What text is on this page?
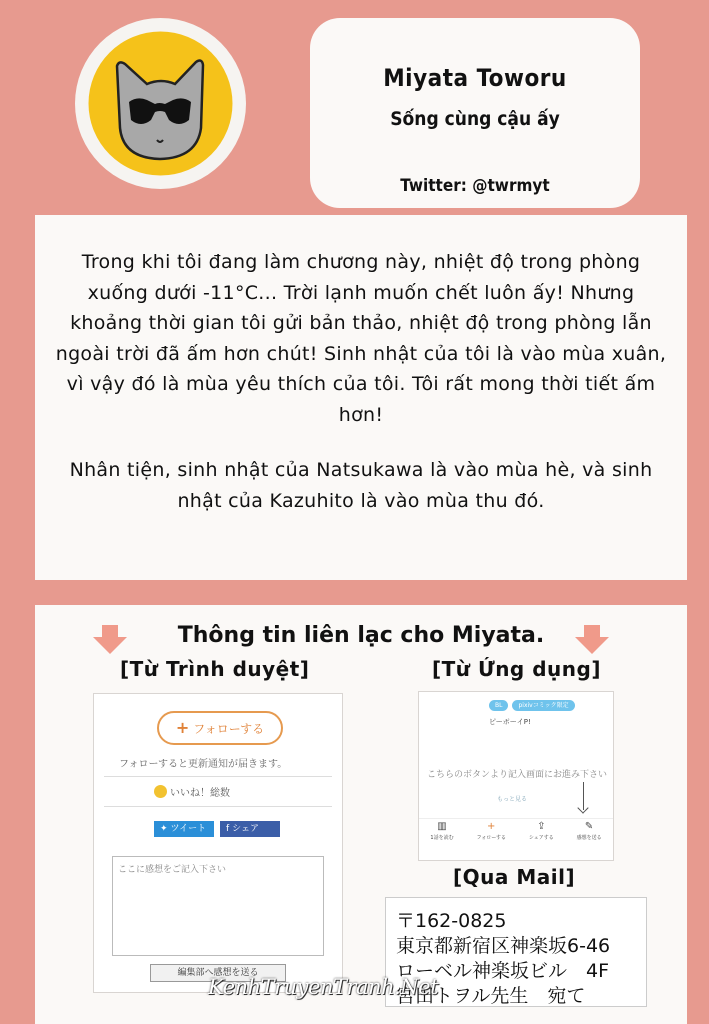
Miyata Toworu
Sống cùng cậu ấy
Twitter: @twrmyt
Trong khi tôi đang làm chương này, nhiệt độ trong phòng xuống dưới -11°C... Trời lạnh muốn chết luôn ấy! Nhưng khoảng thời gian tôi gửi bản thảo, nhiệt độ trong phòng lẫn ngoài trời đã ấm hơn chút! Sinh nhật của tôi là vào mùa xuân, vì vậy đó là mùa yêu thích của tôi. Tôi rất mong thời tiết ấm hơn!
Nhân tiện, sinh nhật của Natsukawa là vào mùa hè, và sinh nhật của Kazuhito là vào mùa thu đó.
Thông tin liên lạc cho Miyata.
[Từ Trình duyệt]	[Từ Ứng dụng]
+ フォローする
フォローすると更新通知が届きます。
いいね！総数
✦ ツイート f シェア
ここに感想をご記入下さい
編集部へ感想を送る
BL	pixivコミック限定
ピーボーイP!
こちらのボタンより記入画面にお進み下さい
もっと見る
▥
1話を読む
+
フォローする
⇪
シェアする
✎
感想を送る
[Qua Mail]
〒162-0825
東京都新宿区神楽坂6-46
ローベル神楽坂ビル　4F
宮田トヲル先生　宛て
KenhTruyenTranh.Net
